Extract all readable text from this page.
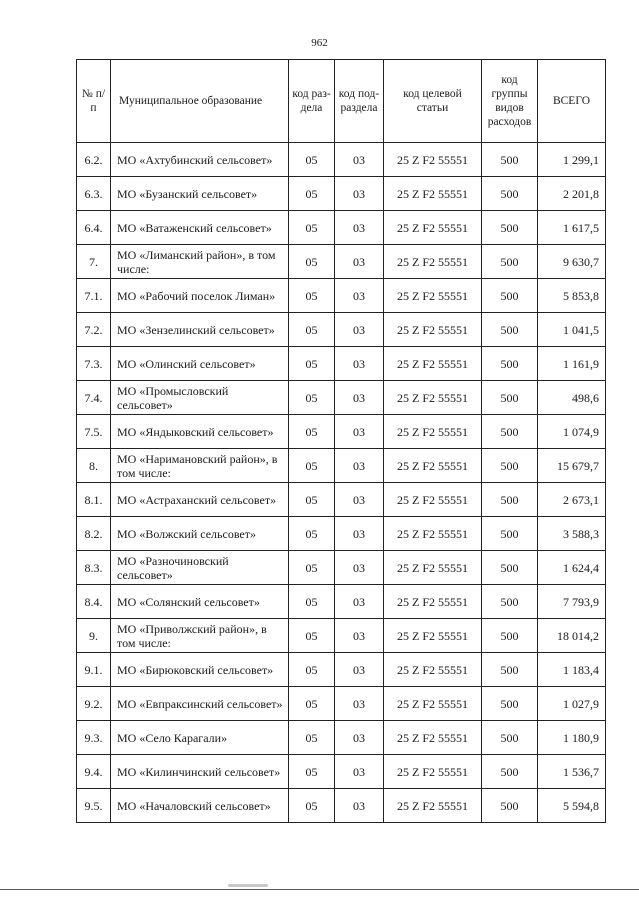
962
№ п/п	Муниципальное образование	код раз-дела	код под-раздела	код целевой статьи	код группы видов расходов	ВСЕГО
6.2.	МО «Ахтубинский сельсовет»	05	03	25 Z F2 55551	500	1 299,1
6.3.	МО «Бузанский сельсовет»	05	03	25 Z F2 55551	500	2 201,8
6.4.	МО «Ватаженский сельсовет»	05	03	25 Z F2 55551	500	1 617,5
7.	МО «Лиманский район», в том числе:	05	03	25 Z F2 55551	500	9 630,7
7.1.	МО «Рабочий поселок Лиман»	05	03	25 Z F2 55551	500	5 853,8
7.2.	МО «Зензелинский сельсовет»	05	03	25 Z F2 55551	500	1 041,5
7.3.	МО «Олинский сельсовет»	05	03	25 Z F2 55551	500	1 161,9
7.4.	МО «Промысловский сельсовет»	05	03	25 Z F2 55551	500	498,6
7.5.	МО «Яндыковский сельсовет»	05	03	25 Z F2 55551	500	1 074,9
8.	МО «Наримановский район», в том числе:	05	03	25 Z F2 55551	500	15 679,7
8.1.	МО «Астраханский сельсовет»	05	03	25 Z F2 55551	500	2 673,1
8.2.	МО «Волжский сельсовет»	05	03	25 Z F2 55551	500	3 588,3
8.3.	МО «Разночиновский сельсовет»	05	03	25 Z F2 55551	500	1 624,4
8.4.	МО «Солянский сельсовет»	05	03	25 Z F2 55551	500	7 793,9
9.	МО «Приволжский район», в том числе:	05	03	25 Z F2 55551	500	18 014,2
9.1.	МО «Бирюковский сельсовет»	05	03	25 Z F2 55551	500	1 183,4
9.2.	МО «Евпраксинский сельсовет»	05	03	25 Z F2 55551	500	1 027,9
9.3.	МО «Село Карагали»	05	03	25 Z F2 55551	500	1 180,9
9.4.	МО «Килинчинский сельсовет»	05	03	25 Z F2 55551	500	1 536,7
9.5.	МО «Началовский сельсовет»	05	03	25 Z F2 55551	500	5 594,8
